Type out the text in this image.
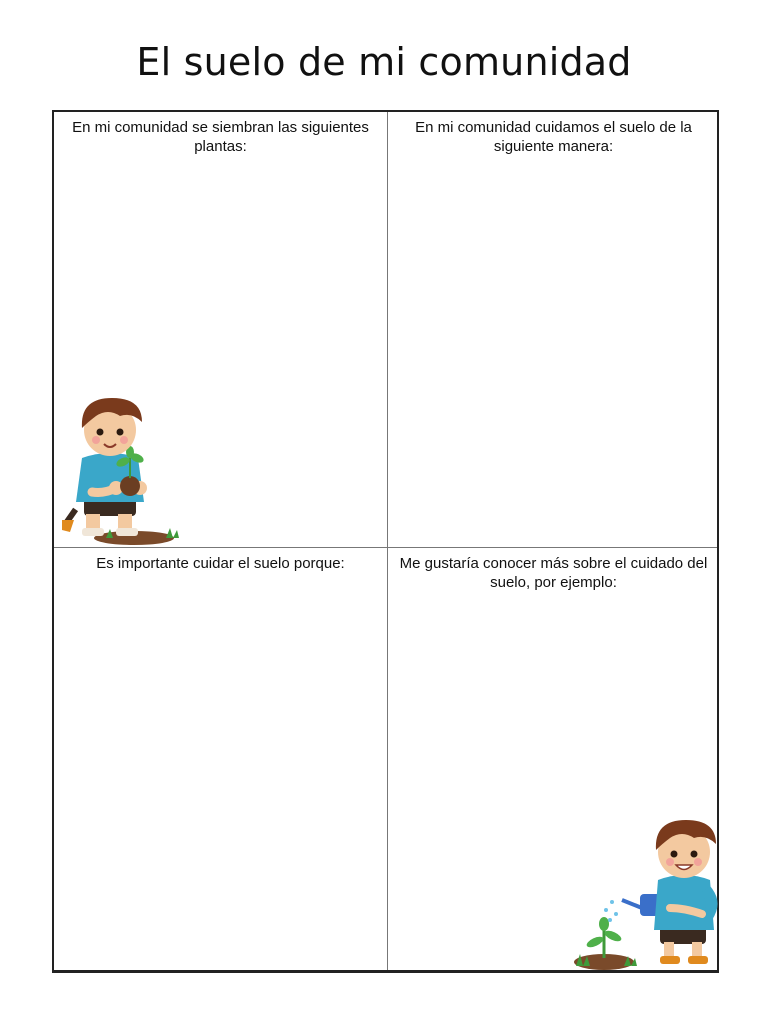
El suelo de mi comunidad
En mi comunidad se siembran las siguientes plantas:
En mi comunidad cuidamos el suelo de la siguiente manera:
Es importante cuidar el suelo porque:	Me gustaría conocer más sobre el cuidado del suelo, por ejemplo:
